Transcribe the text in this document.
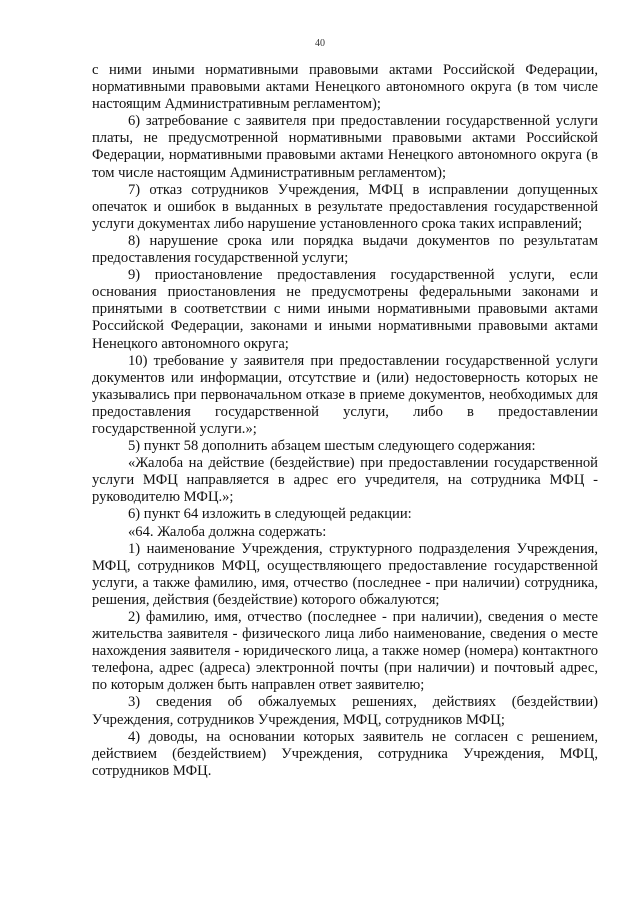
40

с ними иными нормативными правовыми актами Российской Федерации, нормативными правовыми актами Ненецкого автономного округа (в том числе настоящим Административным регламентом);

6) затребование с заявителя при предоставлении государственной услуги платы, не предусмотренной нормативными правовыми актами Российской Федерации, нормативными правовыми актами Ненецкого автономного округа (в том числе настоящим Административным регламентом);

7) отказ сотрудников Учреждения, МФЦ в исправлении допущенных опечаток и ошибок в выданных в результате предоставления государственной услуги документах либо нарушение установленного срока таких исправлений;

8) нарушение срока или порядка выдачи документов по результатам предоставления государственной услуги;

9) приостановление предоставления государственной услуги, если основания приостановления не предусмотрены федеральными законами и принятыми в соответствии с ними иными нормативными правовыми актами Российской Федерации, законами и иными нормативными правовыми актами Ненецкого автономного округа;

10) требование у заявителя при предоставлении государственной услуги документов или информации, отсутствие и (или) недостоверность которых не указывались при первоначальном отказе в приеме документов, необходимых для предоставления государственной услуги, либо в предоставлении государственной услуги.»;

5) пункт 58 дополнить абзацем шестым следующего содержания:

«Жалоба на действие (бездействие) при предоставлении государственной услуги МФЦ направляется в адрес его учредителя, на сотрудника МФЦ - руководителю МФЦ.»;

6) пункт 64 изложить в следующей редакции:

«64. Жалоба должна содержать:

1) наименование Учреждения, структурного подразделения Учреждения, МФЦ, сотрудников МФЦ, осуществляющего предоставление государственной услуги, а также фамилию, имя, отчество (последнее - при наличии) сотрудника, решения, действия (бездействие) которого обжалуются;

2) фамилию, имя, отчество (последнее - при наличии), сведения о месте жительства заявителя - физического лица либо наименование, сведения о месте нахождения заявителя - юридического лица, а также номер (номера) контактного телефона, адрес (адреса) электронной почты (при наличии) и почтовый адрес, по которым должен быть направлен ответ заявителю;

3) сведения об обжалуемых решениях, действиях (бездействии) Учреждения, сотрудников Учреждения, МФЦ, сотрудников МФЦ;

4) доводы, на основании которых заявитель не согласен с решением, действием (бездействием) Учреждения, сотрудника Учреждения, МФЦ, сотрудников МФЦ.
